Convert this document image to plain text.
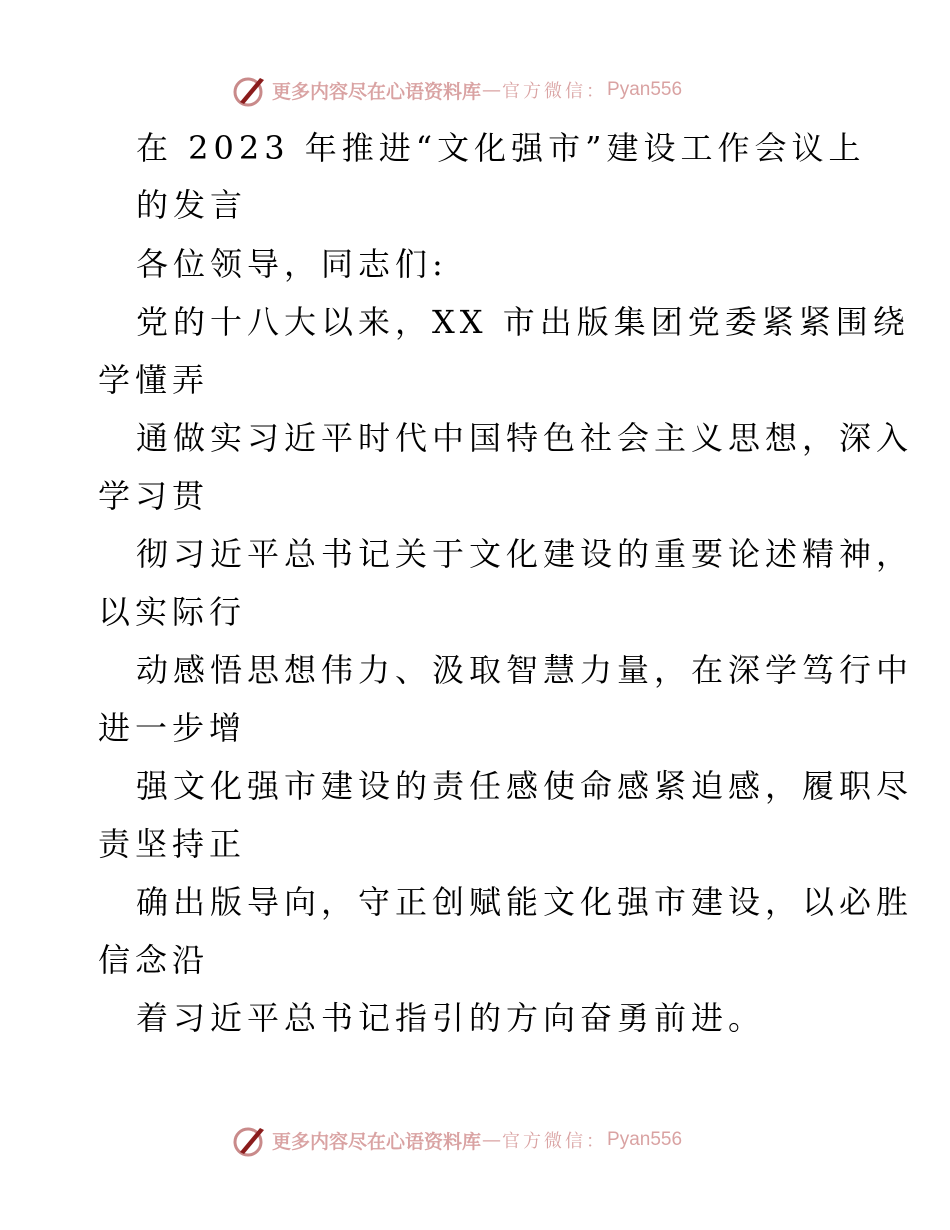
更多内容尽在心语资料库 — 官方微信： Pyan556
在 2023 年推进“文化强市”建设工作会议上
的发言
各位领导，同志们:
党的十八大以来，XX 市出版集团党委紧紧围绕
学懂弄
通做实习近平时代中国特色社会主义思想，深入
学习贯
彻习近平总书记关于文化建设的重要论述精神，
以实际行
动感悟思想伟力、汲取智慧力量，在深学笃行中
进一步增
强文化强市建设的责任感使命感紧迫感，履职尽
责坚持正
确出版导向，守正创赋能文化强市建设，以必胜
信念沿
着习近平总书记指引的方向奋勇前进。
更多内容尽在心语资料库 — 官方微信： Pyan556
